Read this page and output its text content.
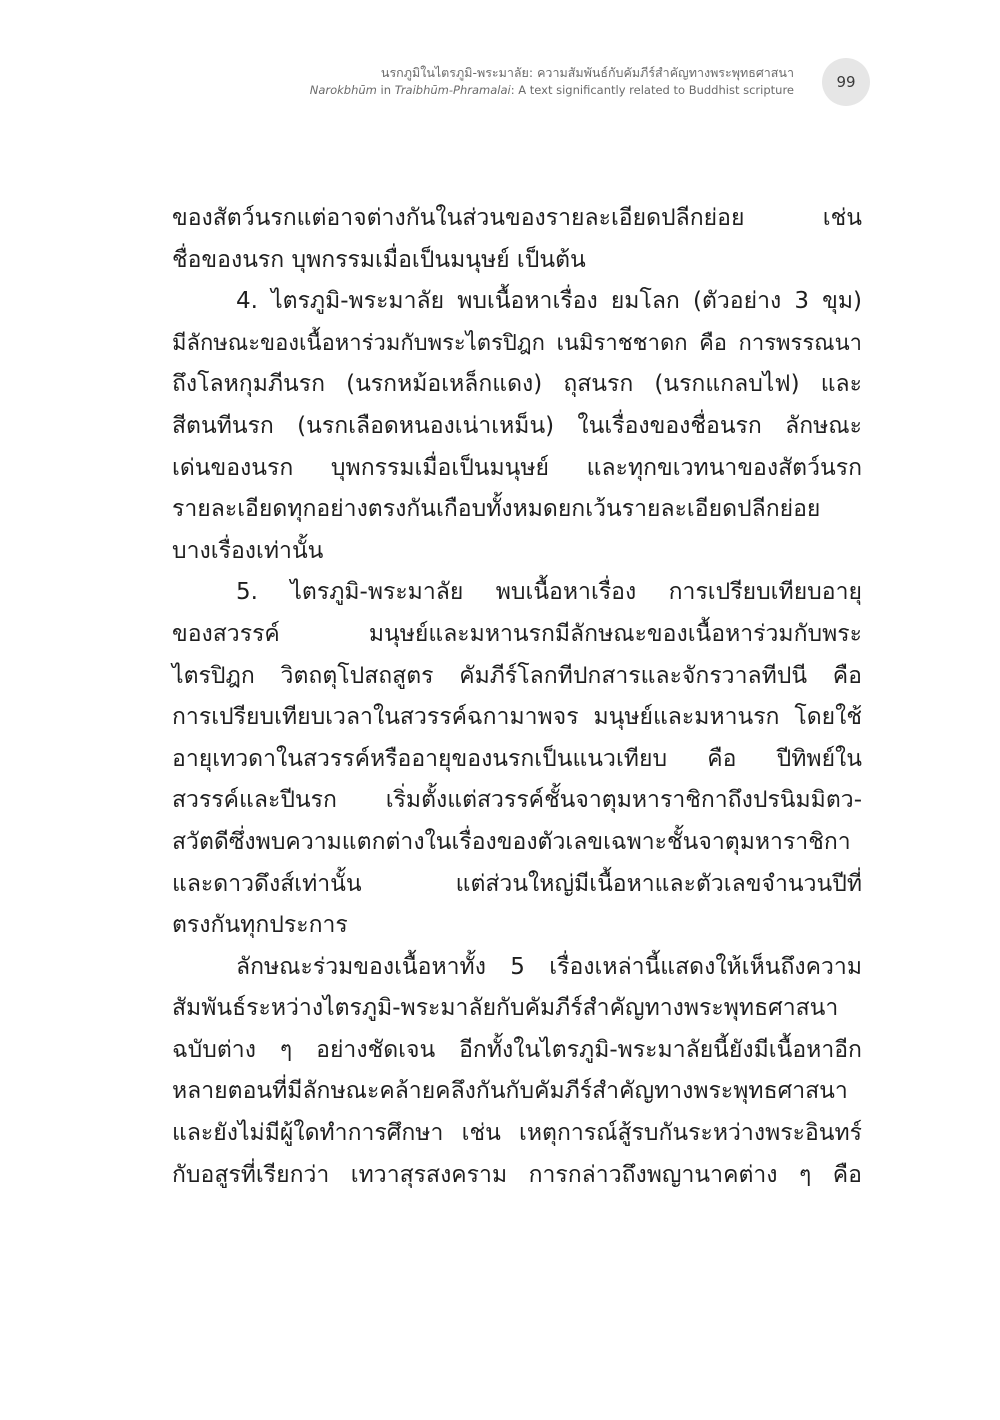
นรกภูมิในไตรภูมิ-พระมาลัย: ความสัมพันธ์กับคัมภีร์สำคัญทางพระพุทธศาสนา
Narokbhūm in Traibhūm-Phramalai: A text significantly related to Buddhist scripture	99
ของสัตว์นรกแต่อาจต่างกันในส่วนของรายละเอียดปลีกย่อย เช่น
ชื่อของนรก บุพกรรมเมื่อเป็นมนุษย์ เป็นต้น
4. ไตรภูมิ-พระมาลัย พบเนื้อหาเรื่อง ยมโลก (ตัวอย่าง 3 ขุม)
มีลักษณะของเนื้อหาร่วมกับพระไตรปิฎก เนมิราชชาดก คือ การพรรณนา
ถึงโลหกุมภีนรก (นรกหม้อเหล็กแดง) ถุสนรก (นรกแกลบไฟ) และ
สีตนทีนรก (นรกเลือดหนองเน่าเหม็น) ในเรื่องของชื่อนรก ลักษณะ
เด่นของนรก บุพกรรมเมื่อเป็นมนุษย์ และทุกขเวทนาของสัตว์นรก
รายละเอียดทุกอย่างตรงกันเกือบทั้งหมดยกเว้นรายละเอียดปลีกย่อย
บางเรื่องเท่านั้น
5. ไตรภูมิ-พระมาลัย พบเนื้อหาเรื่อง การเปรียบเทียบอายุ
ของสวรรค์ มนุษย์และมหานรกมีลักษณะของเนื้อหาร่วมกับพระ
ไตรปิฎก วิตถตุโปสถสูตร คัมภีร์โลกทีปกสารและจักรวาลทีปนี คือ
การเปรียบเทียบเวลาในสวรรค์ฉกามาพจร มนุษย์และมหานรก โดยใช้
อายุเทวดาในสวรรค์หรืออายุของนรกเป็นแนวเทียบ คือ ปีทิพย์ใน
สวรรค์และปีนรก เริ่มตั้งแต่สวรรค์ชั้นจาตุมหาราชิกาถึงปรนิมมิตว-
สวัตดีซึ่งพบความแตกต่างในเรื่องของตัวเลขเฉพาะชั้นจาตุมหาราชิกา
และดาวดึงส์เท่านั้น แต่ส่วนใหญ่มีเนื้อหาและตัวเลขจำนวนปีที่
ตรงกันทุกประการ
ลักษณะร่วมของเนื้อหาทั้ง 5 เรื่องเหล่านี้แสดงให้เห็นถึงความ
สัมพันธ์ระหว่างไตรภูมิ-พระมาลัยกับคัมภีร์สำคัญทางพระพุทธศาสนา
ฉบับต่าง ๆ อย่างชัดเจน อีกทั้งในไตรภูมิ-พระมาลัยนี้ยังมีเนื้อหาอีก
หลายตอนที่มีลักษณะคล้ายคลึงกันกับคัมภีร์สำคัญทางพระพุทธศาสนา
และยังไม่มีผู้ใดทำการศึกษา เช่น เหตุการณ์สู้รบกันระหว่างพระอินทร์
กับอสูรที่เรียกว่า เทวาสุรสงคราม การกล่าวถึงพญานาคต่าง ๆ คือ
